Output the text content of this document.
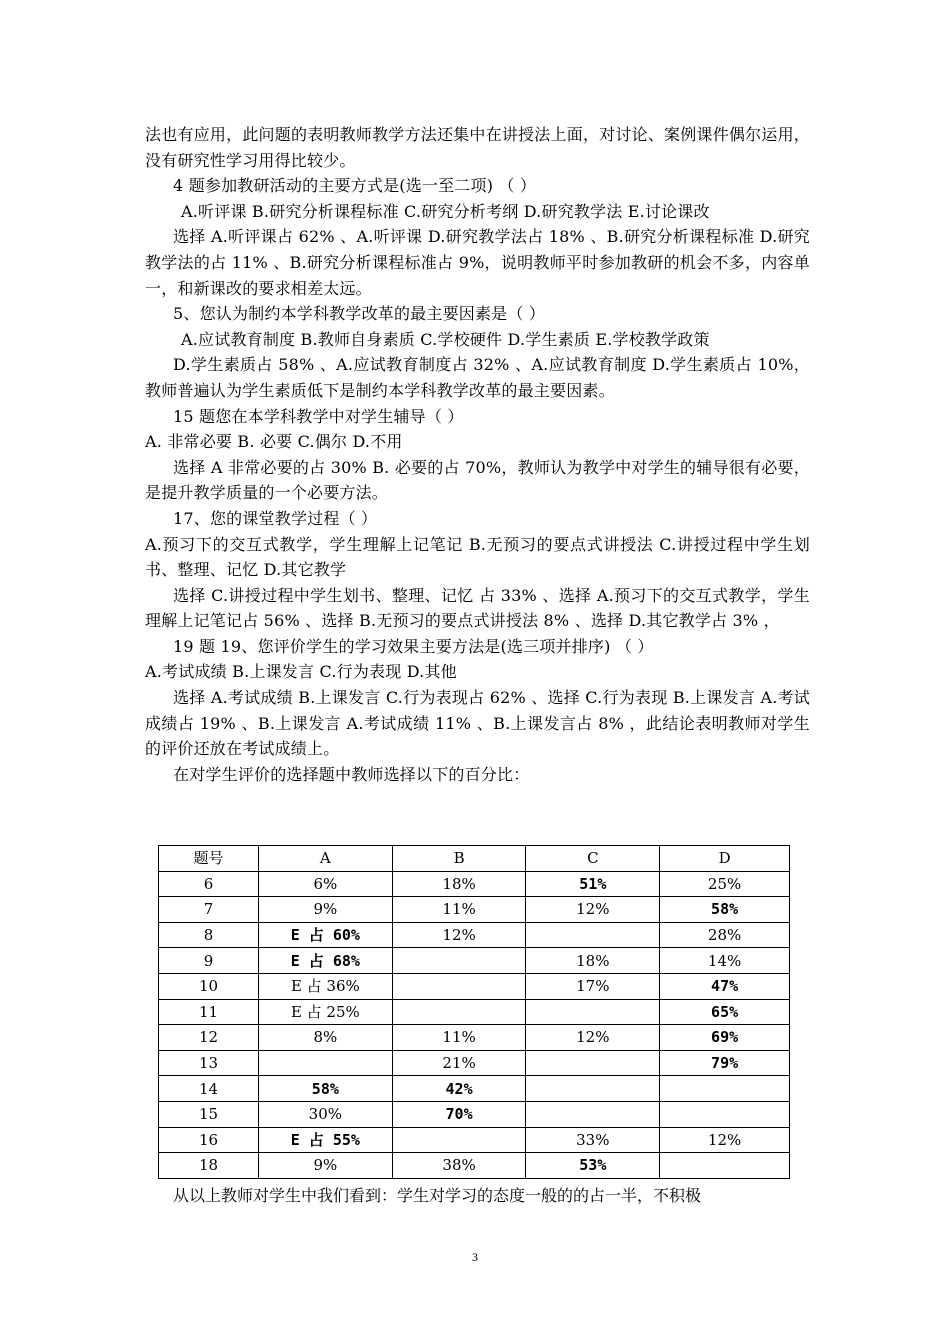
法也有应用，此问题的表明教师教学方法还集中在讲授法上面，对讨论、案例课件偶尔运用，没有研究性学习用得比较少。

4 题参加教研活动的主要方式是(选一至二项) （ ）

A.听评课 B.研究分析课程标准 C.研究分析考纲 D.研究教学法 E.讨论课改

选择 A.听评课占 62% 、A.听评课 D.研究教学法占 18% 、B.研究分析课程标准 D.研究教学法的占 11% 、B.研究分析课程标准占 9%，说明教师平时参加教研的机会不多，内容单一，和新课改的要求相差太远。

5、您认为制约本学科教学改革的最主要因素是（ ）

A.应试教育制度 B.教师自身素质 C.学校硬件 D.学生素质 E.学校教学政策

D.学生素质占 58% 、A.应试教育制度占 32% 、A.应试教育制度 D.学生素质占 10%，教师普遍认为学生素质低下是制约本学科教学改革的最主要因素。

15 题您在本学科教学中对学生辅导（ ）

A. 非常必要 B. 必要 C.偶尔 D.不用

选择 A 非常必要的占 30% B. 必要的占 70%，教师认为教学中对学生的辅导很有必要，是提升教学质量的一个必要方法。

17、您的课堂教学过程（ ）

A.预习下的交互式教学，学生理解上记笔记 B.无预习的要点式讲授法 C.讲授过程中学生划书、整理、记忆 D.其它教学

选择 C.讲授过程中学生划书、整理、记忆 占 33% 、选择 A.预习下的交互式教学，学生理解上记笔记占 56% 、选择 B.无预习的要点式讲授法 8% 、选择 D.其它教学占 3% ，

19 题 19、您评价学生的学习效果主要方法是(选三项并排序) （ ）

A.考试成绩 B.上课发言 C.行为表现 D.其他

选择 A.考试成绩 B.上课发言 C.行为表现占 62% 、选择 C.行为表现 B.上课发言 A.考试成绩占 19% 、B.上课发言 A.考试成绩 11% 、B.上课发言占 8% ，此结论表明教师对学生的评价还放在考试成绩上。

在对学生评价的选择题中教师选择以下的百分比：

题号	A	B	C	D
6	6%	18%	51%	25%
7	9%	11%	12%	58%
8	E 占 60%	12%		28%
9	E 占 68%		18%	14%
10	E 占 36%		17%	47%
11	E 占 25%			65%
12	8%	11%	12%	69%
13		21%		79%
14	58%	42%		
15	30%	70%		
16	E 占 55%		33%	12%
18	9%	38%	53%	

从以上教师对学生中我们看到：学生对学习的态度一般的的占一半，不积极

3
